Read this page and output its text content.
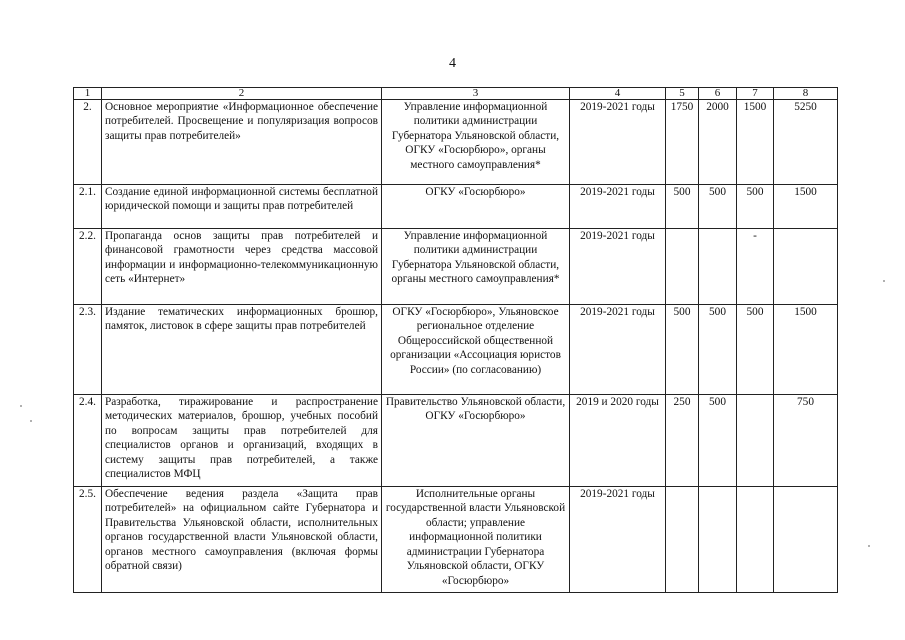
4
1	2	3	4	5	6	7	8
2.	Основное мероприятие «Информационное обеспечение потребителей. Просвещение и популяризация вопросов защиты прав потребителей»	Управление информационной политики администрации Губернатора Ульяновской области, ОГКУ «Госюрбюро», органы местного самоуправления*	2019-2021 годы	1750	2000	1500	5250
2.1.	Создание единой информационной системы бесплатной юридической помощи и защиты прав потребителей	ОГКУ «Госюрбюро»	2019-2021 годы	500	500	500	1500
2.2.	Пропаганда основ защиты прав потребителей и финансовой грамотности через средства массовой информации и информационно-телекоммуникационную сеть «Интернет»	Управление информационной политики администрации Губернатора Ульяновской области, органы местного самоуправления*	2019-2021 годы			-	
2.3.	Издание тематических информационных брошюр, памяток, листовок в сфере защиты прав потребителей	ОГКУ «Госюрбюро», Ульяновское региональное отделение Общероссийской общественной организации «Ассоциация юристов России» (по согласованию)	2019-2021 годы	500	500	500	1500
2.4.	Разработка, тиражирование и распространение методических материалов, брошюр, учебных пособий по вопросам защиты прав потребителей для специалистов органов и организаций, входящих в систему защиты прав потребителей, а также специалистов МФЦ	Правительство Ульяновской области, ОГКУ «Госюрбюро»	2019 и 2020 годы	250	500		750
2.5.	Обеспечение ведения раздела «Защита прав потребителей» на официальном сайте Губернатора и Правительства Ульяновской области, исполнительных органов государственной власти Ульяновской области, органов местного самоуправления (включая формы обратной связи)	Исполнительные органы государственной власти Ульяновской области; управление информационной политики администрации Губернатора Ульяновской области, ОГКУ «Госюрбюро»	2019-2021 годы				
